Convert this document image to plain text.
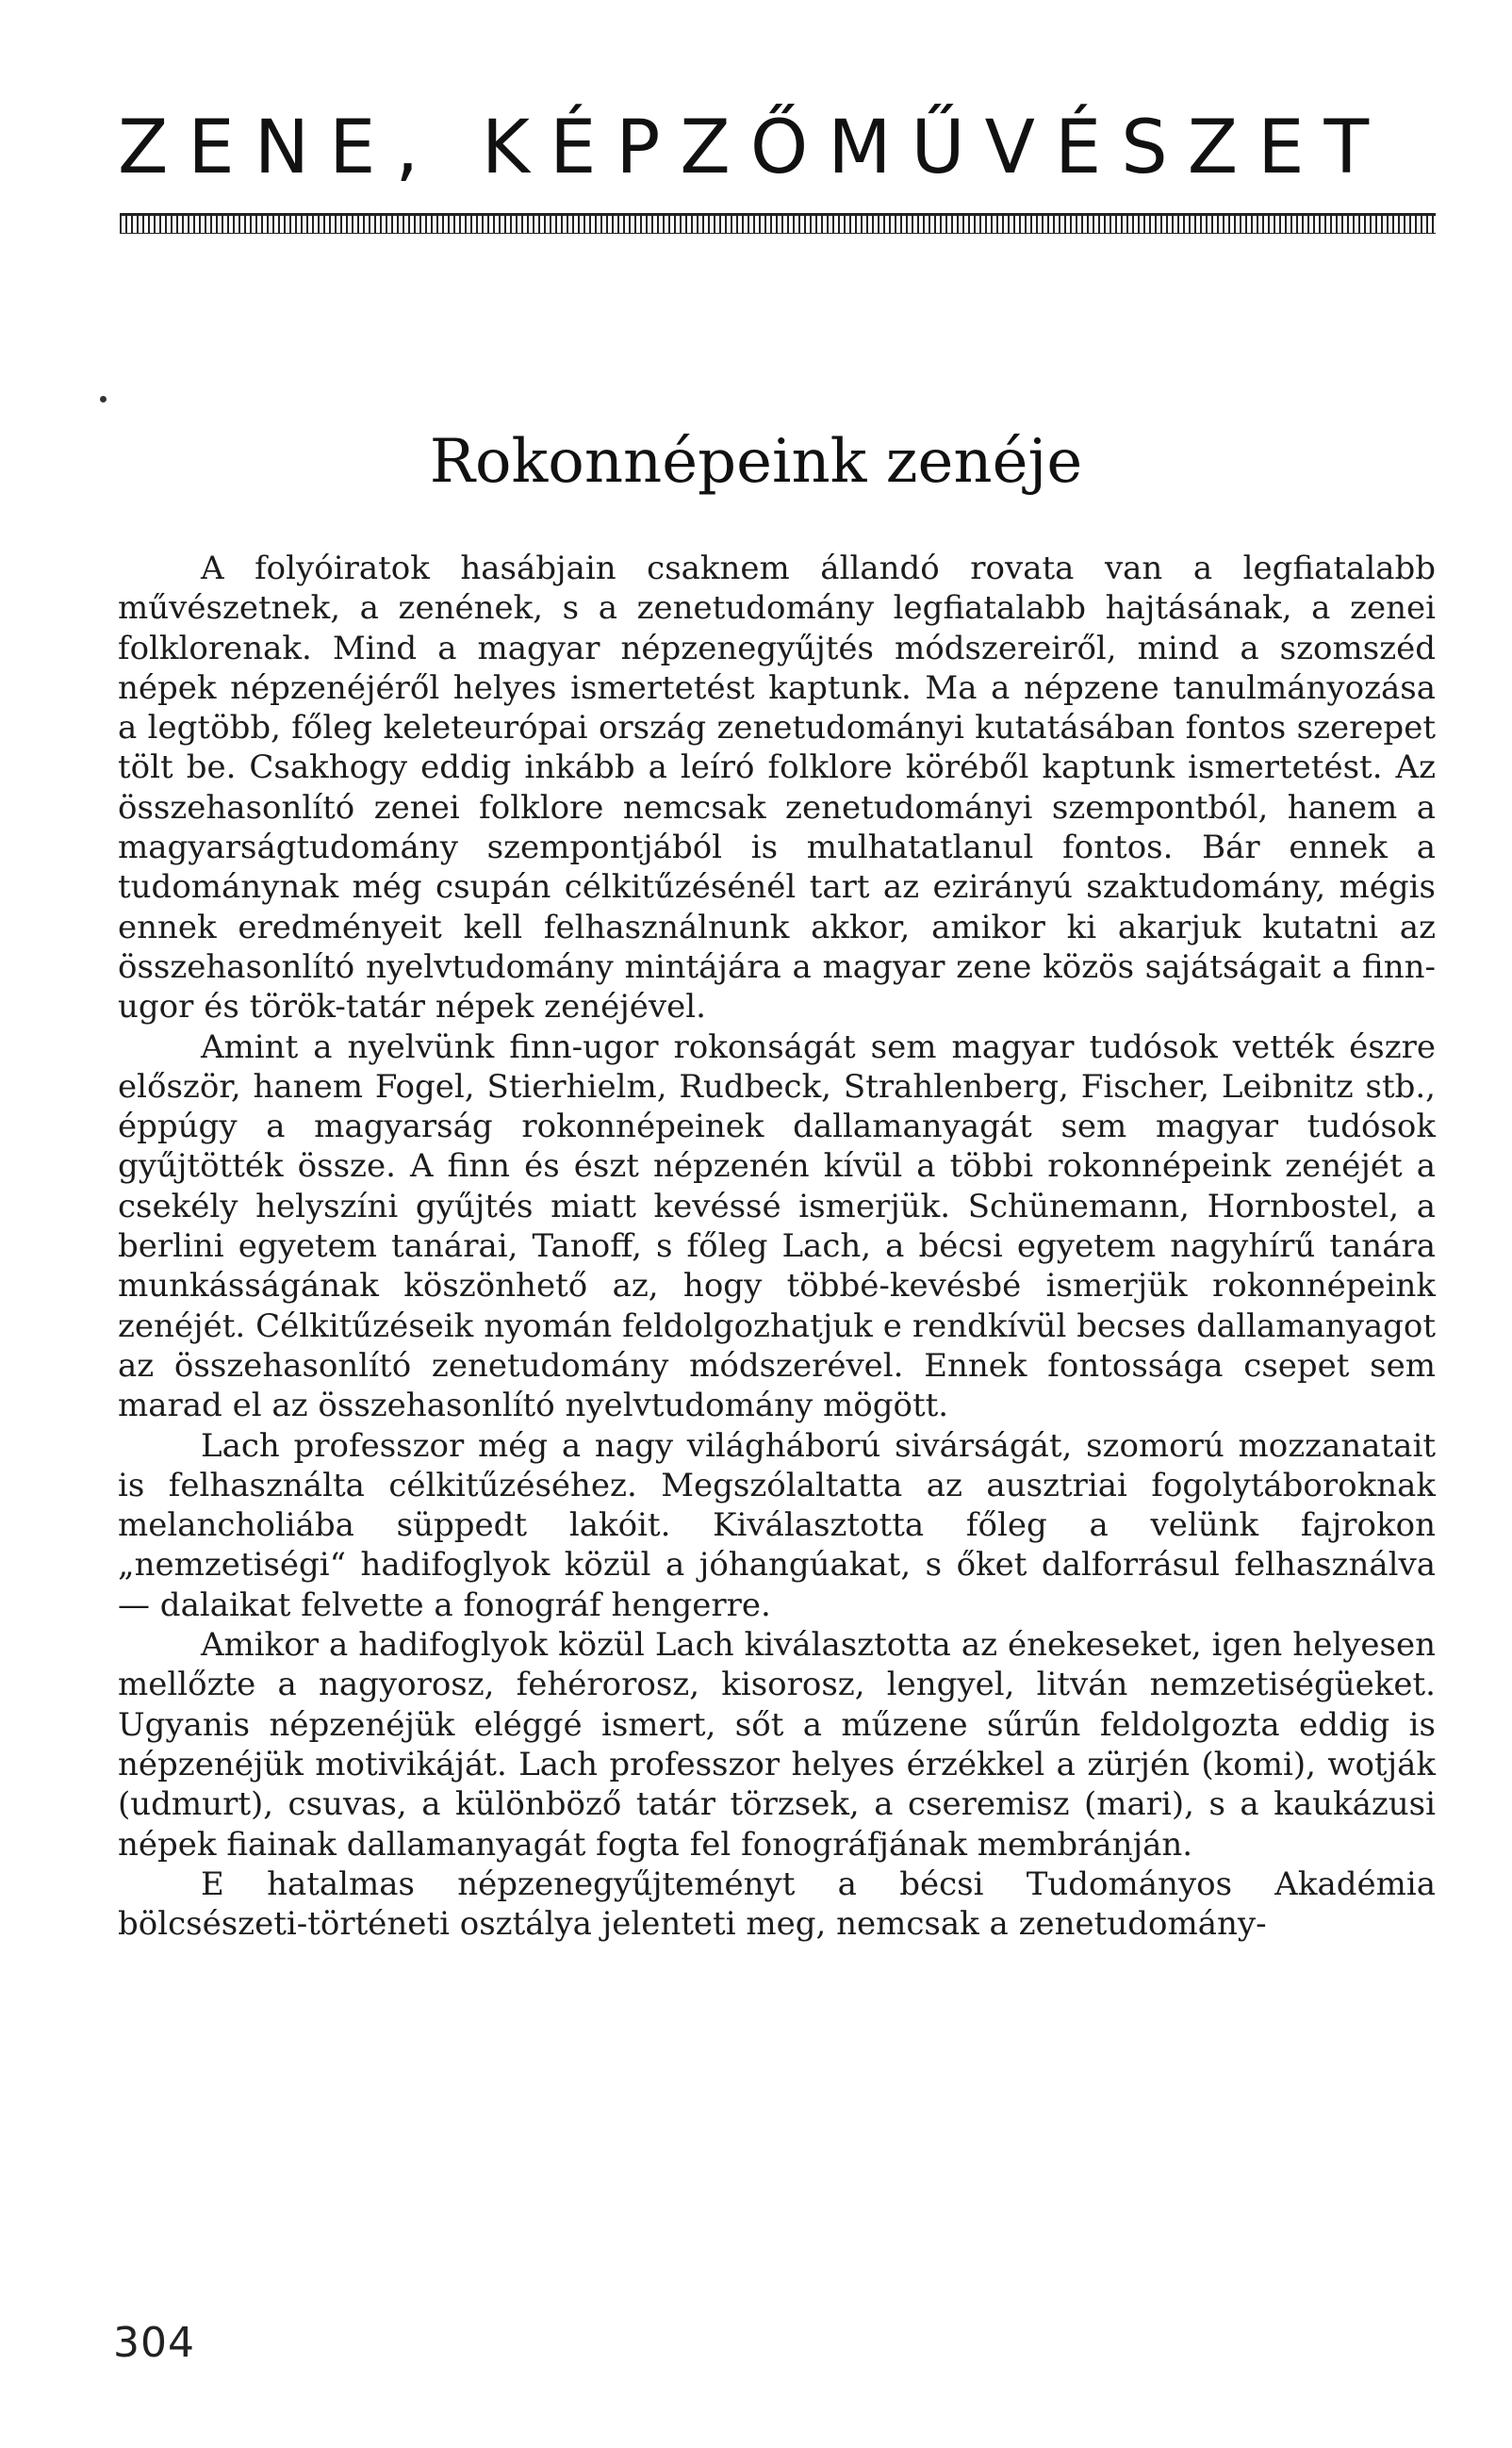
ZENE, KÉPZŐMŰVÉSZET
Rokonnépeink zenéje

A folyóiratok hasábjain csaknem állandó rovata van a legfiatalabb művészetnek, a zenének, s a zenetudomány legfiatalabb hajtásának, a zenei folklorenak. Mind a magyar népzenegyűjtés módszereiről, mind a szomszéd népek népzenéjéről helyes ismertetést kaptunk. Ma a népzene tanulmányozása a legtöbb, főleg keleteurópai ország zenetudományi kutatásában fontos szerepet tölt be. Csakhogy eddig inkább a leíró folklore köréből kaptunk ismertetést. Az összehasonlító zenei folklore nemcsak zenetudományi szempontból, hanem a magyarságtudomány szempontjából is mulhatatlanul fontos. Bár ennek a tudománynak még csupán célkitűzésénél tart az ezirányú szaktudomány, mégis ennek eredményeit kell felhasználnunk akkor, amikor ki akarjuk kutatni az összehasonlító nyelvtudomány mintájára a magyar zene közös sajátságait a finn-ugor és török-tatár népek zenéjével.

Amint a nyelvünk finn-ugor rokonságát sem magyar tudósok vették észre először, hanem Fogel, Stierhielm, Rudbeck, Strahlenberg, Fischer, Leibnitz stb., éppúgy a magyarság rokonnépeinek dallamanyagát sem magyar tudósok gyűjtötték össze. A finn és észt népzenén kívül a többi rokonnépeink zenéjét a csekély helyszíni gyűjtés miatt kevéssé ismerjük. Schünemann, Hornbostel, a berlini egyetem tanárai, Tanoff, s főleg Lach, a bécsi egyetem nagyhírű tanára munkásságának köszönhető az, hogy többé-kevésbé ismerjük rokonnépeink zenéjét. Célkitűzéseik nyomán feldolgozhatjuk e rendkívül becses dallamanyagot az összehasonlító zenetudomány módszerével. Ennek fontossága csepet sem marad el az összehasonlító nyelvtudomány mögött.

Lach professzor még a nagy világháború sivárságát, szomorú mozzanatait is felhasználta célkitűzéséhez. Megszólaltatta az ausztriai fogolytáboroknak melancholiába süppedt lakóit. Kiválasztotta főleg a velünk fajrokon „nemzetiségi“ hadifoglyok közül a jóhangúakat, s őket dalforrásul felhasználva — dalaikat felvette a fonográf hengerre.

Amikor a hadifoglyok közül Lach kiválasztotta az énekeseket, igen helyesen mellőzte a nagyorosz, fehérorosz, kisorosz, lengyel, litván nemzetiségüeket. Ugyanis népzenéjük eléggé ismert, sőt a műzene sűrűn feldolgozta eddig is népzenéjük motivikáját. Lach professzor helyes érzékkel a zürjén (komi), wotják (udmurt), csuvas, a különböző tatár törzsek, a cseremisz (mari), s a kaukázusi népek fiainak dallamanyagát fogta fel fonográfjának membránján.

E hatalmas népzenegyűjteményt a bécsi Tudományos Akadémia bölcsészeti-történeti osztálya jelenteti meg, nemcsak a zenetudomány-

304
